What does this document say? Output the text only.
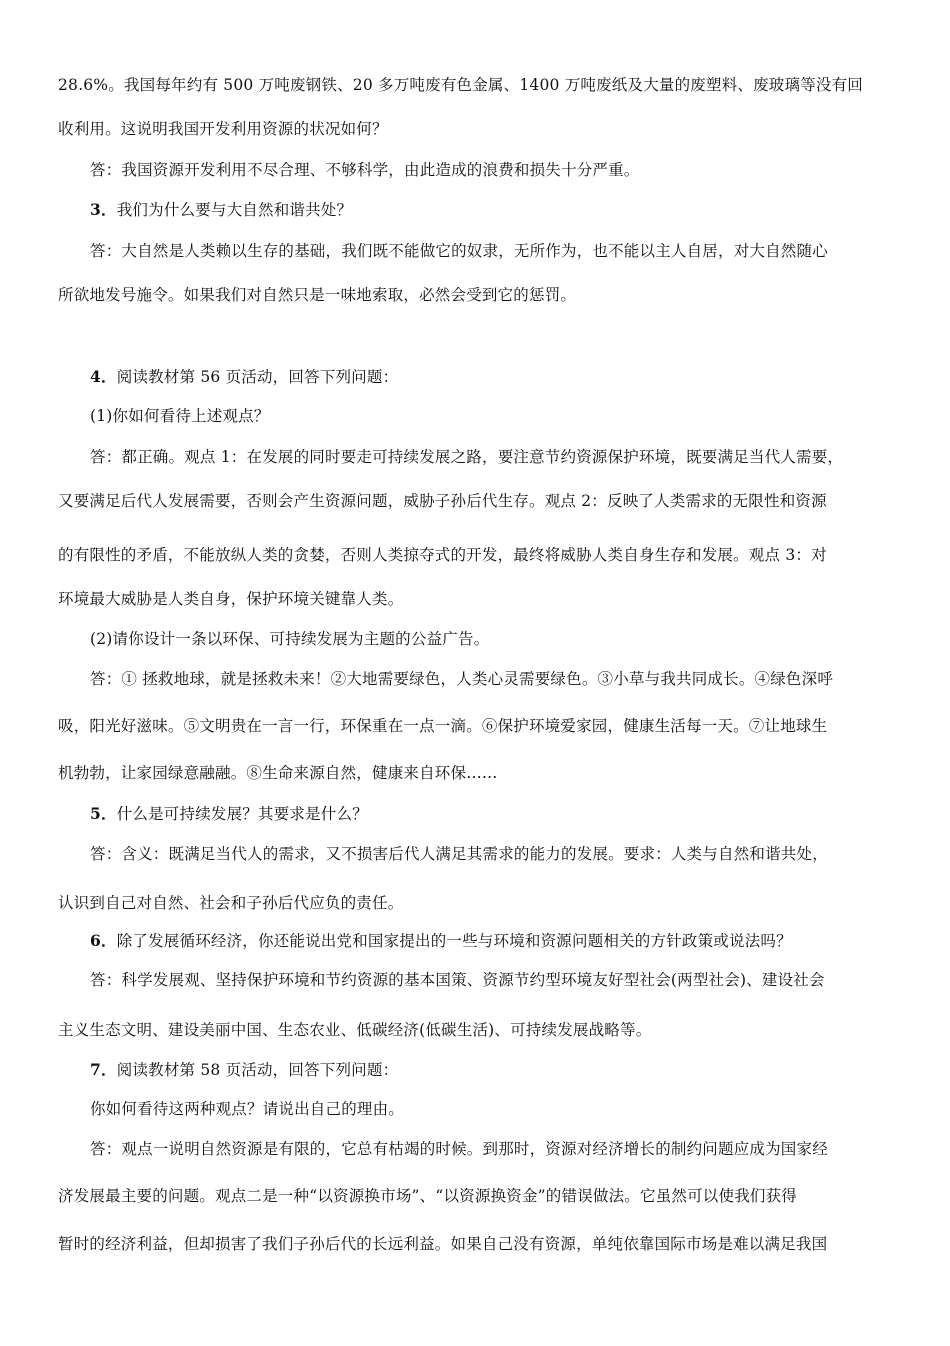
28.6%。我国每年约有 500 万吨废钢铁、20 多万吨废有色金属、1400 万吨废纸及大量的废塑料、废玻璃等没有回
收利用。这说明我国开发利用资源的状况如何？
答：我国资源开发利用不尽合理、不够科学，由此造成的浪费和损失十分严重。
3．我们为什么要与大自然和谐共处？
答：大自然是人类赖以生存的基础，我们既不能做它的奴隶，无所作为，也不能以主人自居，对大自然随心
所欲地发号施令。如果我们对自然只是一味地索取，必然会受到它的惩罚。
4．阅读教材第 56 页活动，回答下列问题：
(1)你如何看待上述观点？
答：都正确。观点 1：在发展的同时要走可持续发展之路，要注意节约资源保护环境，既要满足当代人需要，
又要满足后代人发展需要，否则会产生资源问题，威胁子孙后代生存。观点 2：反映了人类需求的无限性和资源
的有限性的矛盾，不能放纵人类的贪婪，否则人类掠夺式的开发，最终将威胁人类自身生存和发展。观点 3：对
环境最大威胁是人类自身，保护环境关键靠人类。
(2)请你设计一条以环保、可持续发展为主题的公益广告。
答：① 拯救地球，就是拯救未来！②大地需要绿色，人类心灵需要绿色。③小草与我共同成长。④绿色深呼
吸，阳光好滋味。⑤文明贵在一言一行，环保重在一点一滴。⑥保护环境爱家园，健康生活每一天。⑦让地球生
机勃勃，让家园绿意融融。⑧生命来源自然，健康来自环保……
5．什么是可持续发展？其要求是什么？
答：含义：既满足当代人的需求，又不损害后代人满足其需求的能力的发展。要求：人类与自然和谐共处，
认识到自己对自然、社会和子孙后代应负的责任。
6．除了发展循环经济，你还能说出党和国家提出的一些与环境和资源问题相关的方针政策或说法吗？
答：科学发展观、坚持保护环境和节约资源的基本国策、资源节约型环境友好型社会(两型社会)、建设社会
主义生态文明、建设美丽中国、生态农业、低碳经济(低碳生活)、可持续发展战略等。
7．阅读教材第 58 页活动，回答下列问题：
你如何看待这两种观点？请说出自己的理由。
答：观点一说明自然资源是有限的，它总有枯竭的时候。到那时，资源对经济增长的制约问题应成为国家经
济发展最主要的问题。观点二是一种“以资源换市场”、“以资源换资金”的错误做法。它虽然可以使我们获得
暂时的经济利益，但却损害了我们子孙后代的长远利益。如果自己没有资源，单纯依靠国际市场是难以满足我国
